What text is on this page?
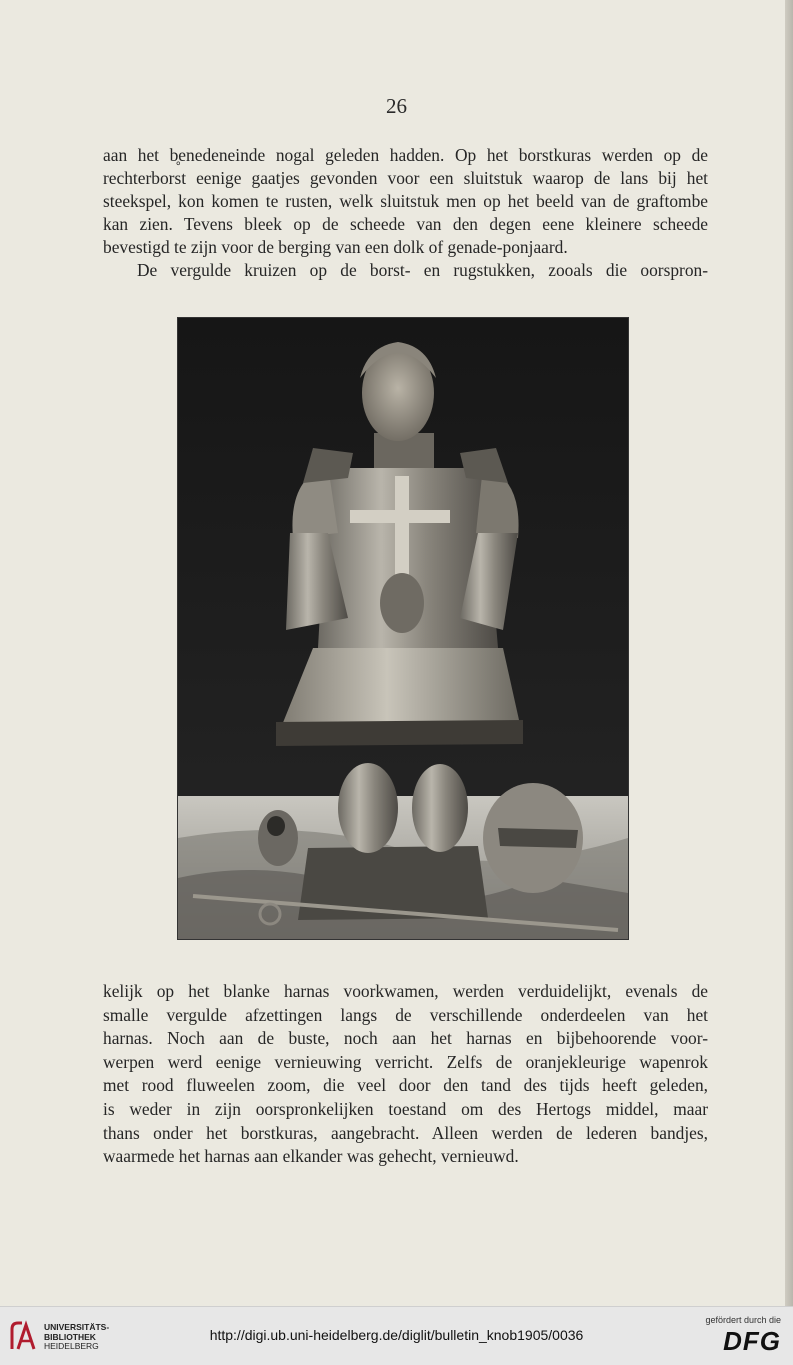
26
aan het b̥enedeneinde nogal geleden hadden. Op het borstkuras werden op de
rechterborst eenige gaatjes gevonden voor een sluitstuk waarop de lans bij het
steekspel, kon komen te rusten, welk sluitstuk men op het beeld van de graftombe
kan zien. Tevens bleek op de scheede van den degen eene kleinere scheede
bevestigd te zijn voor de berging van een dolk of genade-ponjaard.
De vergulde kruizen op de borst- en rugstukken, zooals die oorspron-
kelijk op het blanke harnas voorkwamen, werden verduidelijkt, evenals de
smalle vergulde afzettingen langs de verschillende onderdeelen van het
harnas. Noch aan de buste, noch aan het harnas en bijbehoorende voor-
werpen werd eenige vernieuwing verricht. Zelfs de oranjekleurige wapenrok
met rood fluweelen zoom, die veel door den tand des tijds heeft geleden,
is weder in zijn oorspronkelijken toestand om des Hertogs middel, maar
thans onder het borstkuras, aangebracht. Alleen werden de lederen bandjes,
waarmede het harnas aan elkander was gehecht, vernieuwd.
UNIVERSITÄTS-
BIBLIOTHEK
HEIDELBERG
http://digi.ub.uni-heidelberg.de/diglit/bulletin_knob1905/0036
gefördert durch die
DFG
